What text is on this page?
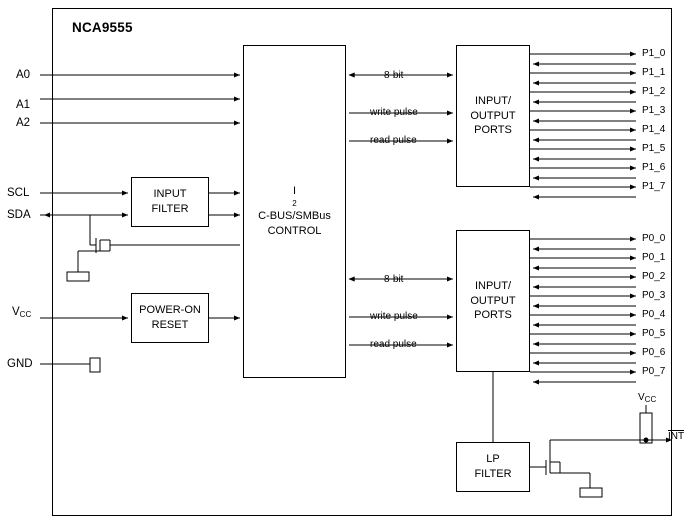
NCA9555
A0
A1
A2
SCL
SDA
$V_{CC}$
GND
INPUT
FILTER
I
2
C-BUS/SMBus
CONTROL
POWER-ON
RESET
INPUT/
OUTPUT
PORTS
INPUT/
OUTPUT
PORTS
LP
FILTER
8-bit
write pulse
read pulse
8-bit
write pulse
read pulse
P1_0
P1_1
P1_2
P1_3
P1_4
P1_5
P1_6
P1_7
P0_0
P0_1
P0_2
P0_3
P0_4
P0_5
P0_6
P0_7
$V_{CC}$
INT
